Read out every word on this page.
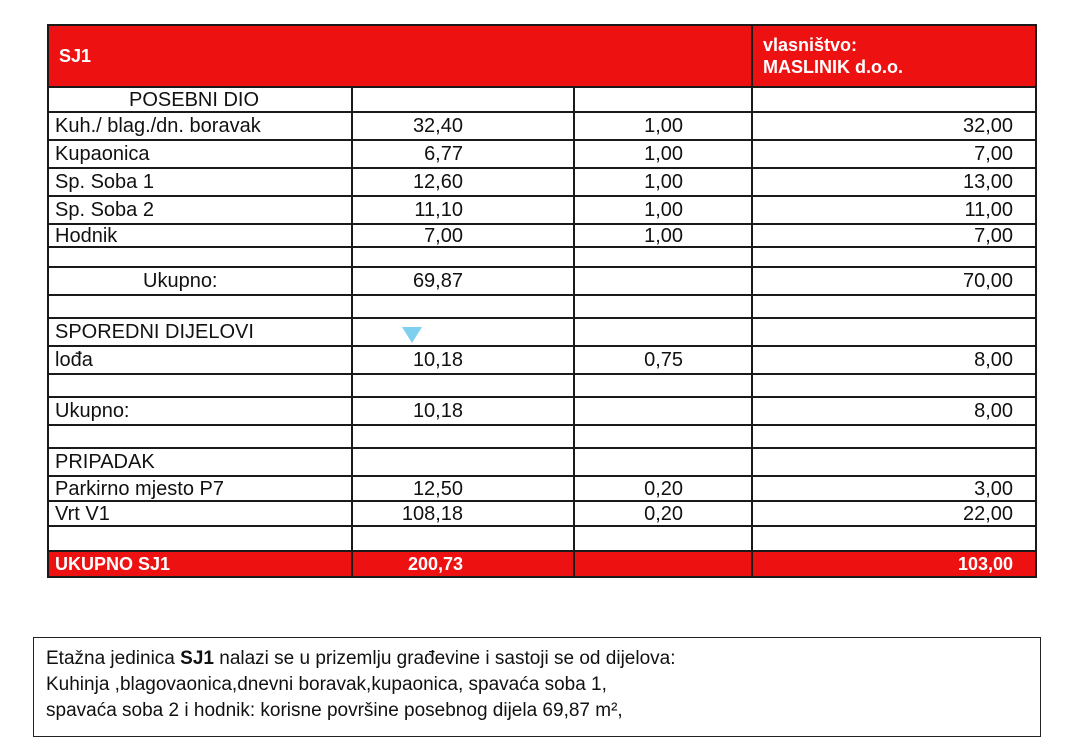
SJ1			vlasništvo:
MASLINIK d.o.o.

POSEBNI DIO			
Kuh./ blag./dn. boravak	32,40	1,00	32,00
Kupaonica	6,77	1,00	7,00
Sp. Soba 1	12,60	1,00	13,00
Sp. Soba 2	11,10	1,00	11,00
Hodnik	7,00	1,00	7,00

Ukupno:	69,87		70,00

SPOREDNI DIJELOVI			
lođa	10,18	0,75	8,00

Ukupno:	10,18		8,00

PRIPADAK			
Parkirno mjesto P7	12,50	0,20	3,00
Vrt V1	108,18	0,20	22,00

UKUPNO SJ1	200,73		103,00
Etažna jedinica SJ1 nalazi se u prizemlju građevine i sastoji se od dijelova:
Kuhinja ,blagovaonica,dnevni boravak,kupaonica, spavaća soba 1,
spavaća soba 2 i hodnik: korisne površine posebnog dijela 69,87 m²,
